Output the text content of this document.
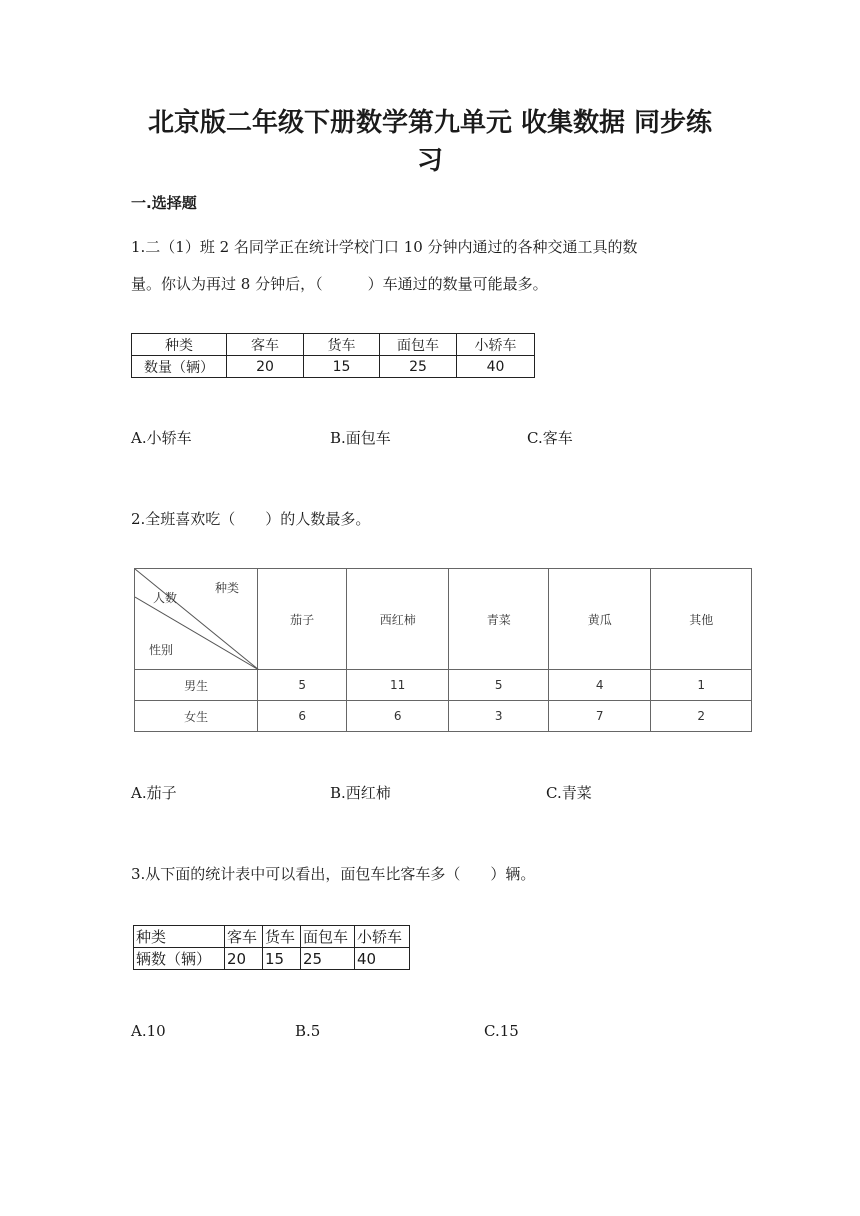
北京版二年级下册数学第九单元 收集数据 同步练
习
一.选择题
1.二（1）班 2 名同学正在统计学校门口 10 分钟内通过的各种交通工具的数
量。你认为再过 8 分钟后，（　　　）车通过的数量可能最多。
种类	客车	货车	面包车	小轿车
数量（辆）	20	15	25	40
A.小轿车	B.面包车	C.客车
2.全班喜欢吃（　　）的人数最多。
种类
人数
性别	茄子	西红柿	青菜	黄瓜	其他
男生	5	11	5	4	1
女生	6	6	3	7	2
A.茄子	B.西红柿	C.青菜
3.从下面的统计表中可以看出，面包车比客车多（　　）辆。
种类	客车	货车	面包车	小轿车
辆数（辆）	20	15	25	40
A.10	B.5	C.15
